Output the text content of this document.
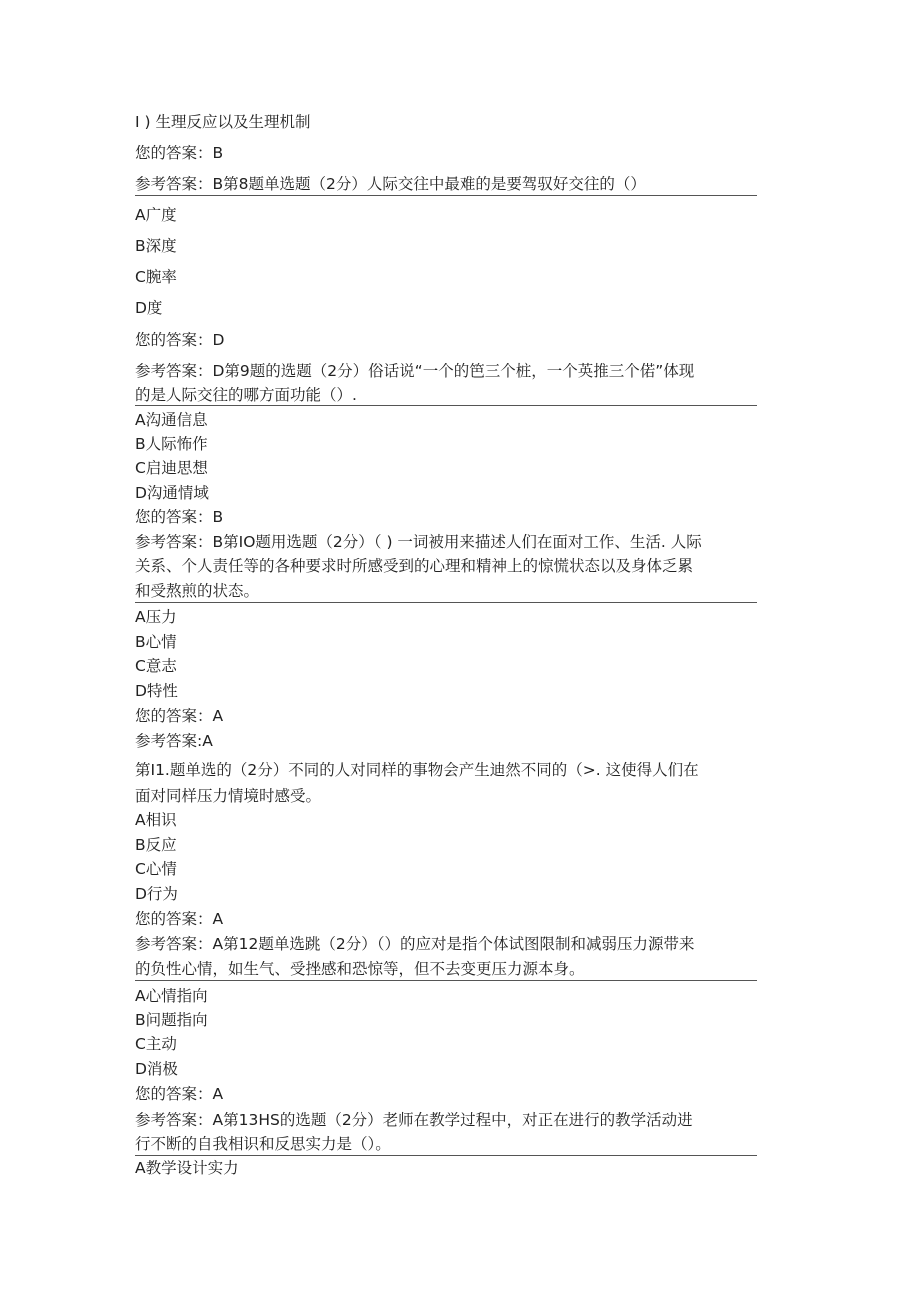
I ) 生理反应以及生理机制
您的答案：B
参考答案：B第8题单选题（2分）人际交往中最难的是要驾驭好交往的（）
A广度
B深度
C腕率
D度
您的答案：D
参考答案：D第9题的选题（2分）俗话说“一个的笆三个桩，一个英推三个偌”体现
的是人际交往的哪方面功能（）.
A沟通信息
B人际怖作
C启迪思想
D沟通情域
您的答案：B
参考答案：B第IO题用选题（2分）（ ) 一词被用来描述人们在面对工作、生活. 人际
关系、个人责任等的各种要求时所感受到的心理和精神上的惊慌状态以及身体乏累
和受熬煎的状态。
A压力
B心情
C意志
D特性
您的答案：A
参考答案:A
第I1.题单选的（2分）不同的人对同样的事物会产生迪然不同的（>. 这使得人们在
面对同样压力情境时感受。
A相识
B反应
C心情
D行为
您的答案：A
参考答案：A第12题单选跳（2分）（）的应对是指个体试图限制和减弱压力源带来
的负性心情，如生气、受挫感和恐惊等，但不去变更压力源本身。
A心情指向
B问题指向
C主动
D消极
您的答案：A
参考答案：A第13HS的选题（2分）老师在教学过程中，对正在进行的教学活动进
行不断的自我相识和反思实力是（）。
A教学设计实力
